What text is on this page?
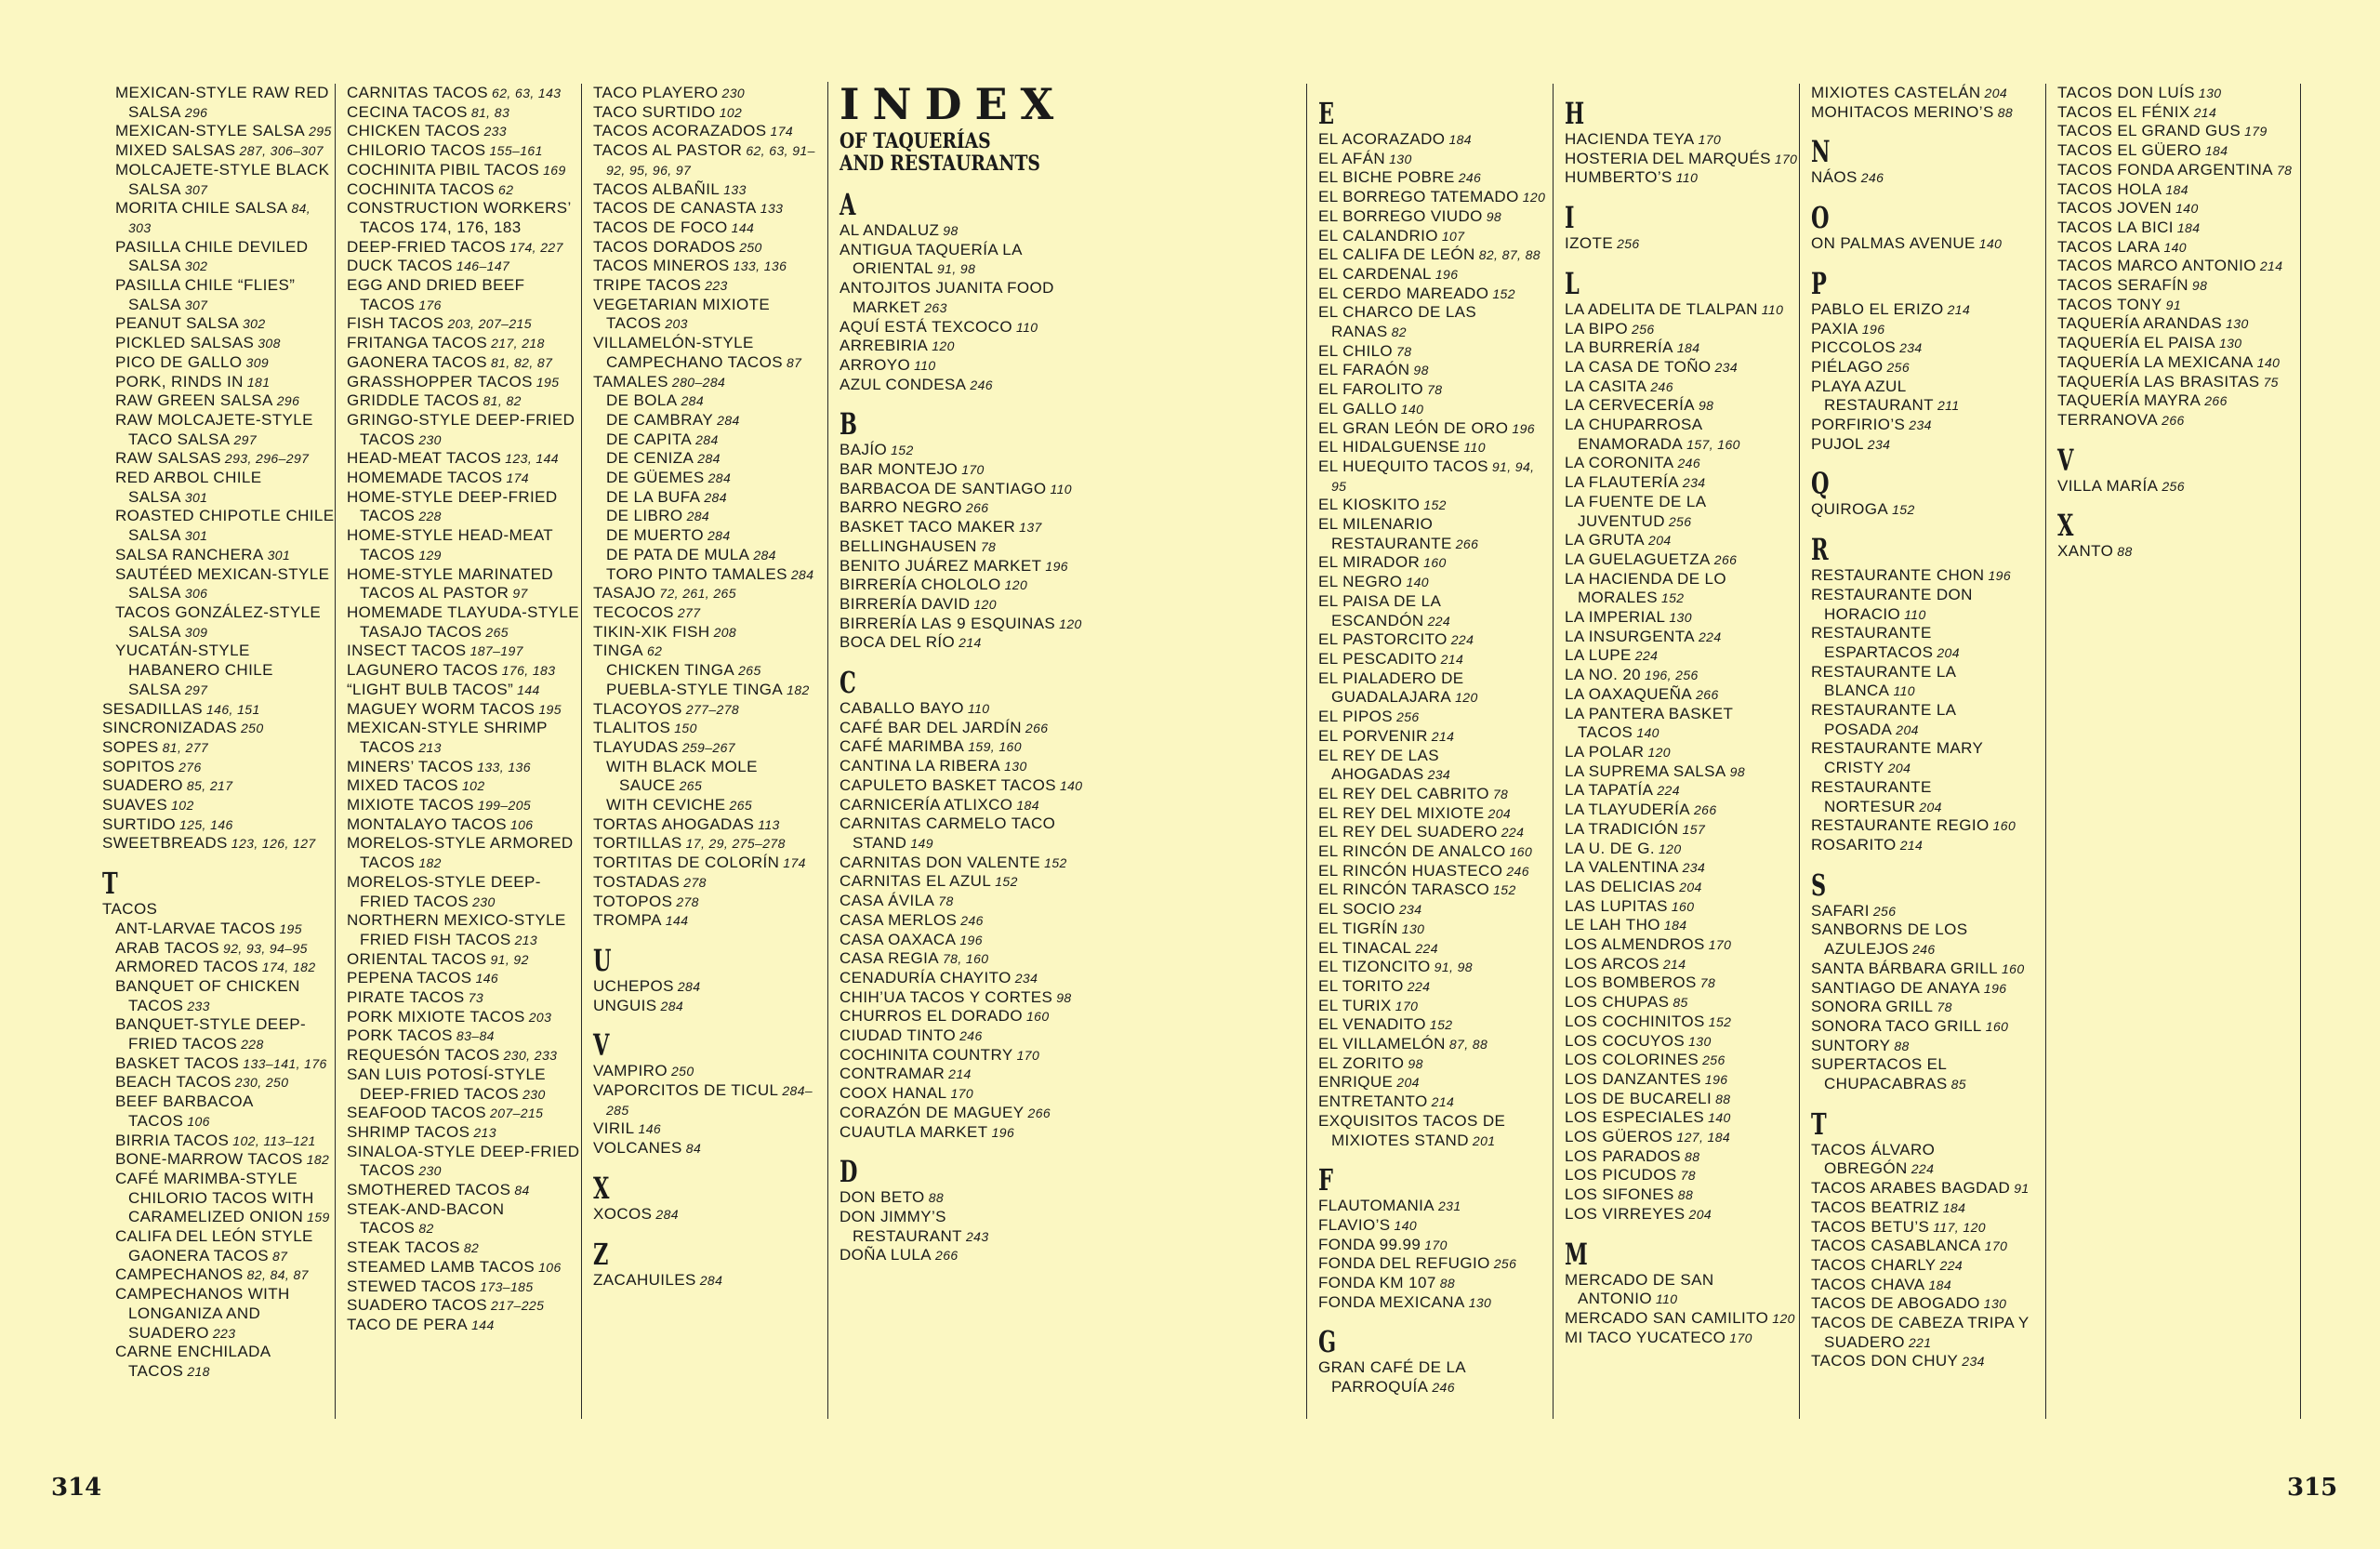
MEXICAN-STYLE RAW RED SALSA 296
MEXICAN-STYLE SALSA 295
MIXED SALSAS 287, 306–307
MOLCAJETE-STYLE BLACK SALSA 307
MORITA CHILE SALSA 84, 303
PASILLA CHILE DEVILED SALSA 302
PASILLA CHILE “FLIES” SALSA 307
PEANUT SALSA 302
PICKLED SALSAS 308
PICO DE GALLO 309
PORK, RINDS IN 181
RAW GREEN SALSA 296
RAW MOLCAJETE-STYLE TACO SALSA 297
RAW SALSAS 293, 296–297
RED ARBOL CHILE SALSA 301
ROASTED CHIPOTLE CHILE SALSA 301
SALSA RANCHERA 301
SAUTÉED MEXICAN-STYLE SALSA 306
TACOS GONZÁLEZ-STYLE SALSA 309
YUCATÁN-STYLE HABANERO CHILE SALSA 297
SESADILLAS 146, 151
SINCRONIZADAS 250
SOPES 81, 277
SOPITOS 276
SUADERO 85, 217
SUAVES 102
SURTIDO 125, 146
SWEETBREADS 123, 126, 127
T
TACOS
ANT-LARVAE TACOS 195
ARAB TACOS 92, 93, 94–95
ARMORED TACOS 174, 182
BANQUET OF CHICKEN TACOS 233
BANQUET-STYLE DEEP-FRIED TACOS 228
BASKET TACOS 133–141, 176
BEACH TACOS 230, 250
BEEF BARBACOA TACOS 106
BIRRIA TACOS 102, 113–121
BONE-MARROW TACOS 182
CAFÉ MARIMBA-STYLE CHILORIO TACOS WITH CARAMELIZED ONION 159
CALIFA DEL LEÓN STYLE GAONERA TACOS 87
CAMPECHANOS 82, 84, 87
CAMPECHANOS WITH LONGANIZA AND SUADERO 223
CARNE ENCHILADA TACOS 218
CARNITAS TACOS 62, 63, 143
CECINA TACOS 81, 83
CHICKEN TACOS 233
CHILORIO TACOS 155–161
COCHINITA PIBIL TACOS 169
COCHINITA TACOS 62
CONSTRUCTION WORKERS’ TACOS 174, 176, 183
DEEP-FRIED TACOS 174, 227
DUCK TACOS 146–147
EGG AND DRIED BEEF TACOS 176
FISH TACOS 203, 207–215
FRITANGA TACOS 217, 218
GAONERA TACOS 81, 82, 87
GRASSHOPPER TACOS 195
GRIDDLE TACOS 81, 82
GRINGO-STYLE DEEP-FRIED TACOS 230
HEAD-MEAT TACOS 123, 144
HOMEMADE TACOS 174
HOME-STYLE DEEP-FRIED TACOS 228
HOME-STYLE HEAD-MEAT TACOS 129
HOME-STYLE MARINATED TACOS AL PASTOR 97
HOMEMADE TLAYUDA-STYLE TASAJO TACOS 265
INSECT TACOS 187–197
LAGUNERO TACOS 176, 183
“LIGHT BULB TACOS” 144
MAGUEY WORM TACOS 195
MEXICAN-STYLE SHRIMP TACOS 213
MINERS’ TACOS 133, 136
MIXED TACOS 102
MIXIOTE TACOS 199–205
MONTALAYO TACOS 106
MORELOS-STYLE ARMORED TACOS 182
MORELOS-STYLE DEEP-FRIED TACOS 230
NORTHERN MEXICO-STYLE FRIED FISH TACOS 213
ORIENTAL TACOS 91, 92
PEPENA TACOS 146
PIRATE TACOS 73
PORK MIXIOTE TACOS 203
PORK TACOS 83–84
REQUESÓN TACOS 230, 233
SAN LUIS POTOSÍ-STYLE DEEP-FRIED TACOS 230
SEAFOOD TACOS 207–215
SHRIMP TACOS 213
SINALOA-STYLE DEEP-FRIED TACOS 230
SMOTHERED TACOS 84
STEAK-AND-BACON TACOS 82
STEAK TACOS 82
STEAMED LAMB TACOS 106
STEWED TACOS 173–185
SUADERO TACOS 217–225
TACO DE PERA 144
TACO PLAYERO 230
TACO SURTIDO 102
TACOS ACORAZADOS 174
TACOS AL PASTOR 62, 63, 91–92, 95, 96, 97
TACOS ALBAÑIL 133
TACOS DE CANASTA 133
TACOS DE FOCO 144
TACOS DORADOS 250
TACOS MINEROS 133, 136
TRIPE TACOS 223
VEGETARIAN MIXIOTE TACOS 203
VILLAMELÓN-STYLE CAMPECHANO TACOS 87
TAMALES 280–284
DE BOLA 284
DE CAMBRAY 284
DE CAPITA 284
DE CENIZA 284
DE GÜEMES 284
DE LA BUFA 284
DE LIBRO 284
DE MUERTO 284
DE PATA DE MULA 284
TORO PINTO TAMALES 284
TASAJO 72, 261, 265
TECOCOS 277
TIKIN-XIK FISH 208
TINGA 62
CHICKEN TINGA 265
PUEBLA-STYLE TINGA 182
TLACOYOS 277–278
TLALITOS 150
TLAYUDAS 259–267
WITH BLACK MOLE SAUCE 265
WITH CEVICHE 265
TORTAS AHOGADAS 113
TORTILLAS 17, 29, 275–278
TORTITAS DE COLORÍN 174
TOSTADAS 278
TOTOPOS 278
TROMPA 144
U
UCHEPOS 284
UNGUIS 284
V
VAMPIRO 250
VAPORCITOS DE TICUL 284–285
VIRIL 146
VOLCANES 84
X
XOCOS 284
Z
ZACAHUILES 284
INDEX
OF TAQUERÍAS
AND RESTAURANTS
A
AL ANDALUZ 98
ANTIGUA TAQUERÍA LA ORIENTAL 91, 98
ANTOJITOS JUANITA FOOD MARKET 263
AQUÍ ESTÁ TEXCOCO 110
ARREBIRIA 120
ARROYO 110
AZUL CONDESA 246
B
BAJÍO 152
BAR MONTEJO 170
BARBACOA DE SANTIAGO 110
BARRO NEGRO 266
BASKET TACO MAKER 137
BELLINGHAUSEN 78
BENITO JUÁREZ MARKET 196
BIRRERÍA CHOLOLO 120
BIRRERÍA DAVID 120
BIRRERÍA LAS 9 ESQUINAS 120
BOCA DEL RÍO 214
C
CABALLO BAYO 110
CAFÉ BAR DEL JARDÍN 266
CAFÉ MARIMBA 159, 160
CANTINA LA RIBERA 130
CAPULETO BASKET TACOS 140
CARNICERÍA ATLIXCO 184
CARNITAS CARMELO TACO STAND 149
CARNITAS DON VALENTE 152
CARNITAS EL AZUL 152
CASA ÁVILA 78
CASA MERLOS 246
CASA OAXACA 196
CASA REGIA 78, 160
CENADURÍA CHAYITO 234
CHIH’UA TACOS Y CORTES 98
CHURROS EL DORADO 160
CIUDAD TINTO 246
COCHINITA COUNTRY 170
CONTRAMAR 214
COOX HANAL 170
CORAZÓN DE MAGUEY 266
CUAUTLA MARKET 196
D
DON BETO 88
DON JIMMY’S RESTAURANT 243
DOÑA LULA 266
314
E
EL ACORAZADO 184
EL AFÁN 130
EL BICHE POBRE 246
EL BORREGO TATEMADO 120
EL BORREGO VIUDO 98
EL CALANDRIO 107
EL CALIFA DE LEÓN 82, 87, 88
EL CARDENAL 196
EL CERDO MAREADO 152
EL CHARCO DE LAS RANAS 82
EL CHILO 78
EL FARAÓN 98
EL FAROLITO 78
EL GALLO 140
EL GRAN LEÓN DE ORO 196
EL HIDALGUENSE 110
EL HUEQUITO TACOS 91, 94, 95
EL KIOSKITO 152
EL MILENARIO RESTAURANTE 266
EL MIRADOR 160
EL NEGRO 140
EL PAISA DE LA ESCANDÓN 224
EL PASTORCITO 224
EL PESCADITO 214
EL PIALADERO DE GUADALAJARA 120
EL PIPOS 256
EL PORVENIR 214
EL REY DE LAS AHOGADAS 234
EL REY DEL CABRITO 78
EL REY DEL MIXIOTE 204
EL REY DEL SUADERO 224
EL RINCÓN DE ANALCO 160
EL RINCÓN HUASTECO 246
EL RINCÓN TARASCO 152
EL SOCIO 234
EL TIGRÍN 130
EL TINACAL 224
EL TIZONCITO 91, 98
EL TORITO 224
EL TURIX 170
EL VENADITO 152
EL VILLAMELÓN 87, 88
EL ZORITO 98
ENRIQUE 204
ENTRETANTO 214
EXQUISITOS TACOS DE MIXIOTES STAND 201
F
FLAUTOMANIA 231
FLAVIO’S 140
FONDA 99.99 170
FONDA DEL REFUGIO 256
FONDA KM 107 88
FONDA MEXICANA 130
G
GRAN CAFÉ DE LA PARROQUÍA 246
H
HACIENDA TEYA 170
HOSTERIA DEL MARQUÉS 170
HUMBERTO’S 110
I
IZOTE 256
L
LA ADELITA DE TLALPAN 110
LA BIPO 256
LA BURRERÍA 184
LA CASA DE TOÑO 234
LA CASITA 246
LA CERVECERÍA 98
LA CHUPARROSA ENAMORADA 157, 160
LA CORONITA 246
LA FLAUTERÍA 234
LA FUENTE DE LA JUVENTUD 256
LA GRUTA 204
LA GUELAGUETZA 266
LA HACIENDA DE LO MORALES 152
LA IMPERIAL 130
LA INSURGENTA 224
LA LUPE 224
LA NO. 20 196, 256
LA OAXAQUEÑA 266
LA PANTERA BASKET TACOS 140
LA POLAR 120
LA SUPREMA SALSA 98
LA TAPATÍA 224
LA TLAYUDERÍA 266
LA TRADICIÓN 157
LA U. DE G. 120
LA VALENTINA 234
LAS DELICIAS 204
LAS LUPITAS 160
LE LAH THO 184
LOS ALMENDROS 170
LOS ARCOS 214
LOS BOMBEROS 78
LOS CHUPAS 85
LOS COCHINITOS 152
LOS COCUYOS 130
LOS COLORINES 256
LOS DANZANTES 196
LOS DE BUCARELI 88
LOS ESPECIALES 140
LOS GÜEROS 127, 184
LOS PARADOS 88
LOS PICUDOS 78
LOS SIFONES 88
LOS VIRREYES 204
M
MERCADO DE SAN ANTONIO 110
MERCADO SAN CAMILITO 120
MI TACO YUCATECO 170
MIXIOTES CASTELÁN 204
MOHITACOS MERINO’S 88
N
NÁOS 246
O
ON PALMAS AVENUE 140
P
PABLO EL ERIZO 214
PAXIA 196
PICCOLOS 234
PIÉLAGO 256
PLAYA AZUL RESTAURANT 211
PORFIRIO’S 234
PUJOL 234
Q
QUIROGA 152
R
RESTAURANTE CHON 196
RESTAURANTE DON HORACIO 110
RESTAURANTE ESPARTACOS 204
RESTAURANTE LA BLANCA 110
RESTAURANTE LA POSADA 204
RESTAURANTE MARY CRISTY 204
RESTAURANTE NORTESUR 204
RESTAURANTE REGIO 160
ROSARITO 214
S
SAFARI 256
SANBORNS DE LOS AZULEJOS 246
SANTA BÁRBARA GRILL 160
SANTIAGO DE ANAYA 196
SONORA GRILL 78
SONORA TACO GRILL 160
SUNTORY 88
SUPERTACOS EL CHUPACABRAS 85
T
TACOS ÁLVARO OBREGÓN 224
TACOS ARABES BAGDAD 91
TACOS BEATRIZ 184
TACOS BETU’S 117, 120
TACOS CASABLANCA 170
TACOS CHARLY 224
TACOS CHAVA 184
TACOS DE ABOGADO 130
TACOS DE CABEZA TRIPA Y SUADERO 221
TACOS DON CHUY 234
TACOS DON LUÍS 130
TACOS EL FÉNIX 214
TACOS EL GRAND GUS 179
TACOS EL GÜERO 184
TACOS FONDA ARGENTINA 78
TACOS HOLA 184
TACOS JOVEN 140
TACOS LA BICI 184
TACOS LARA 140
TACOS MARCO ANTONIO 214
TACOS SERAFÍN 98
TACOS TONY 91
TAQUERÍA ARANDAS 130
TAQUERÍA EL PAISA 130
TAQUERÍA LA MEXICANA 140
TAQUERÍA LAS BRASITAS 75
TAQUERÍA MAYRA 266
TERRANOVA 266
V
VILLA MARÍA 256
X
XANTO 88
315
